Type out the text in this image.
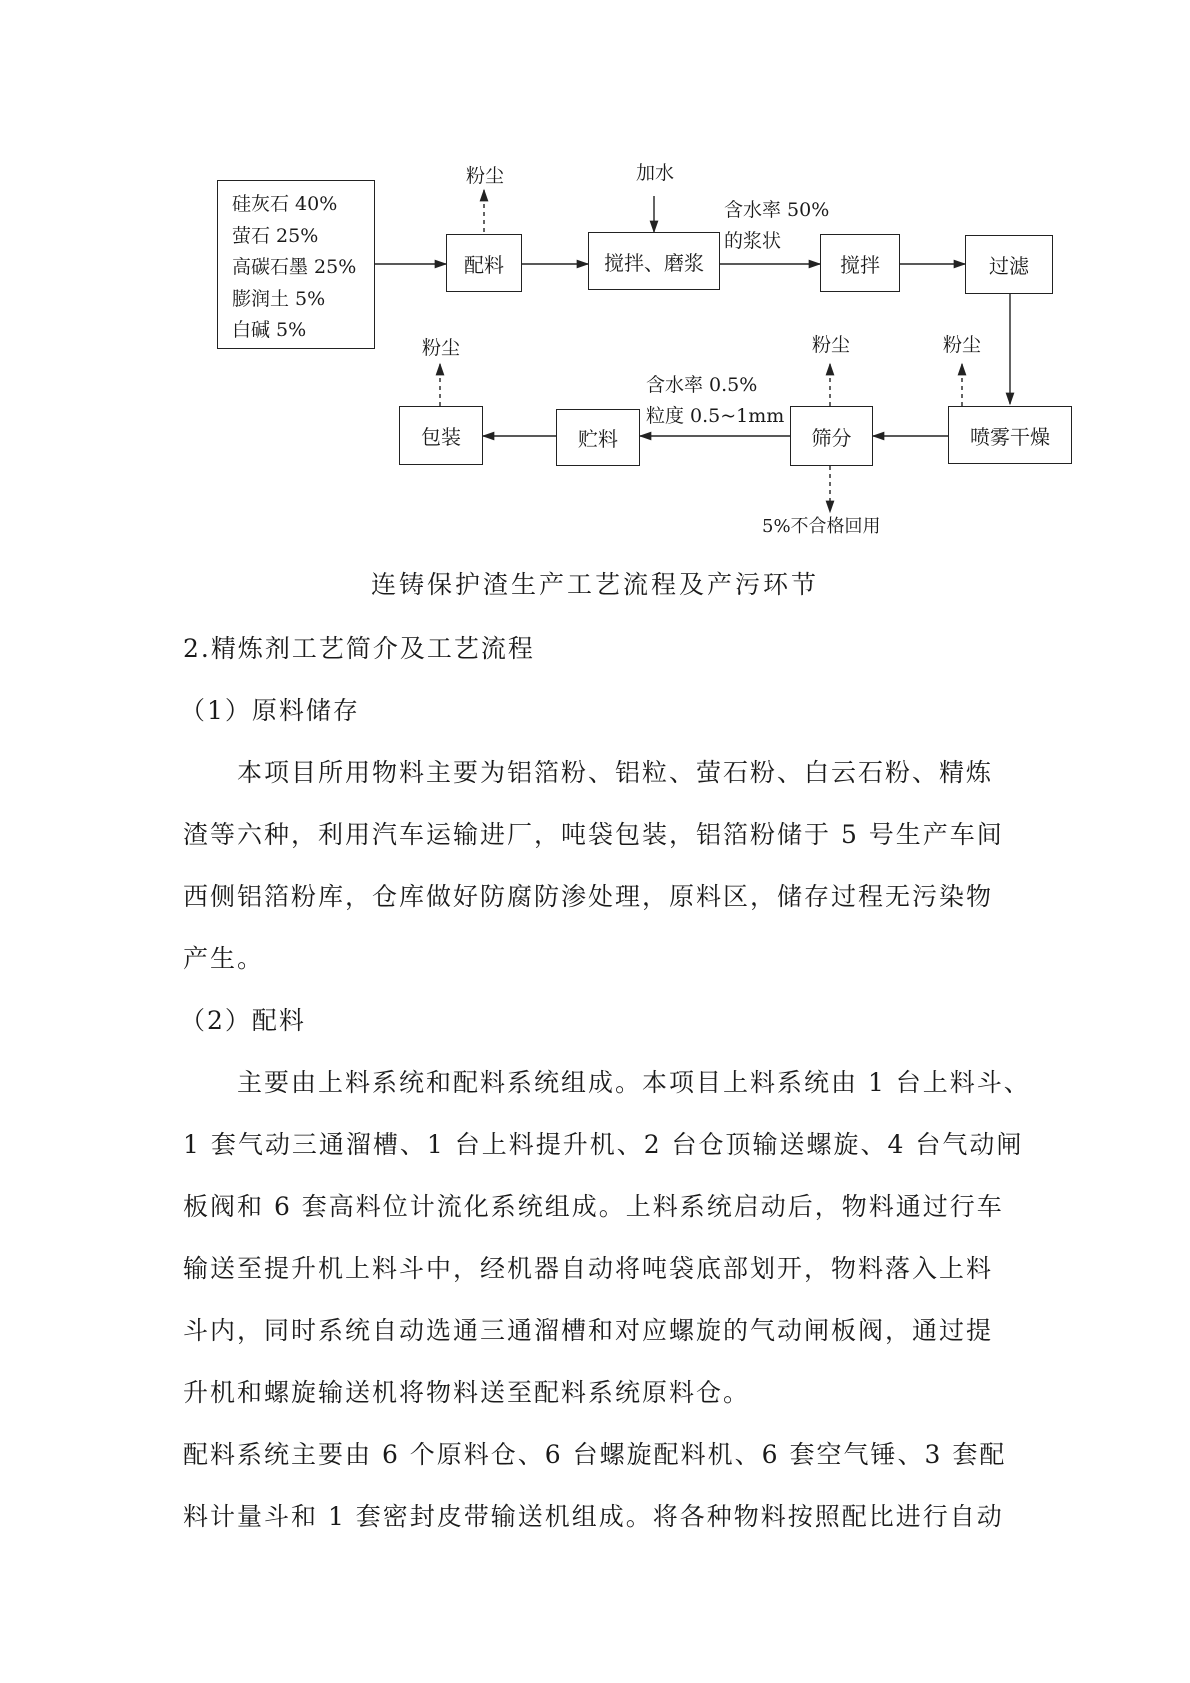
硅灰石 40%
萤石 25%
高碳石墨 25%
膨润土 5%
白碱 5%
配料	搅拌、磨浆	搅拌	过滤
喷雾干燥
筛分
贮料
包装
粉尘	加水
含水率 50%
的浆状
粉尘	粉尘	粉尘
含水率 0.5%
粒度 0.5~1mm
5%不合格回用
连铸保护渣生产工艺流程及产污环节
2.精炼剂工艺简介及工艺流程
（1）原料储存
本项目所用物料主要为铝箔粉、铝粒、萤石粉、白云石粉、精炼
渣等六种，利用汽车运输进厂，吨袋包装，铝箔粉储于 5 号生产车间
西侧铝箔粉库，仓库做好防腐防渗处理，原料区，储存过程无污染物
产生。
（2）配料
主要由上料系统和配料系统组成。本项目上料系统由 1 台上料斗、
1 套气动三通溜槽、1 台上料提升机、2 台仓顶输送螺旋、4 台气动闸
板阀和 6 套高料位计流化系统组成。上料系统启动后，物料通过行车
输送至提升机上料斗中，经机器自动将吨袋底部划开，物料落入上料
斗内，同时系统自动选通三通溜槽和对应螺旋的气动闸板阀，通过提
升机和螺旋输送机将物料送至配料系统原料仓。
配料系统主要由 6 个原料仓、6 台螺旋配料机、6 套空气锤、3 套配
料计量斗和 1 套密封皮带输送机组成。将各种物料按照配比进行自动
